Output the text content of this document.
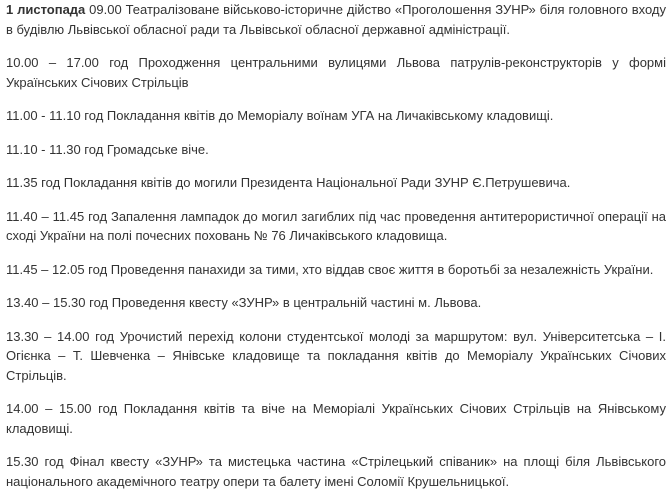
1 листопада 09.00 Театралізоване військово-історичне дійство «Проголошення ЗУНР» біля головного входу в будівлю Львівської обласної ради та Львівської обласної державної адміністрації.

10.00 – 17.00 год Проходження центральними вулицями Львова патрулів-реконструкторів у формі Українських Січових Стрільців

11.00 - 11.10 год Покладання квітів до Меморіалу воїнам УГА на Личаківському кладовищі.

11.10 - 11.30 год Громадське віче.

11.35 год Покладання квітів до могили Президента Національної Ради ЗУНР Є.Петрушевича.

11.40 – 11.45 год Запалення лампадок до могил загиблих під час проведення антитерористичної операції на сході України на полі почесних поховань № 76 Личаківського кладовища.

11.45 – 12.05 год Проведення панахиди за тими, хто віддав своє життя в боротьбі за незалежність України.

13.40 – 15.30 год Проведення квесту «ЗУНР» в центральній частині м. Львова.

13.30 – 14.00 год Урочистий перехід колони студентської молоді за маршрутом: вул. Університетська – І. Огієнка – Т. Шевченка – Янівське кладовище та покладання квітів до Меморіалу Українських Січових Стрільців.

14.00 – 15.00 год Покладання квітів та віче на Меморіалі Українських Січових Стрільців на Янівському кладовищі.

15.30 год Фінал квесту «ЗУНР» та мистецька частина «Стрілецький співаник» на площі біля Львівського національного академічного театру опери та балету імені Соломії Крушельницької.
